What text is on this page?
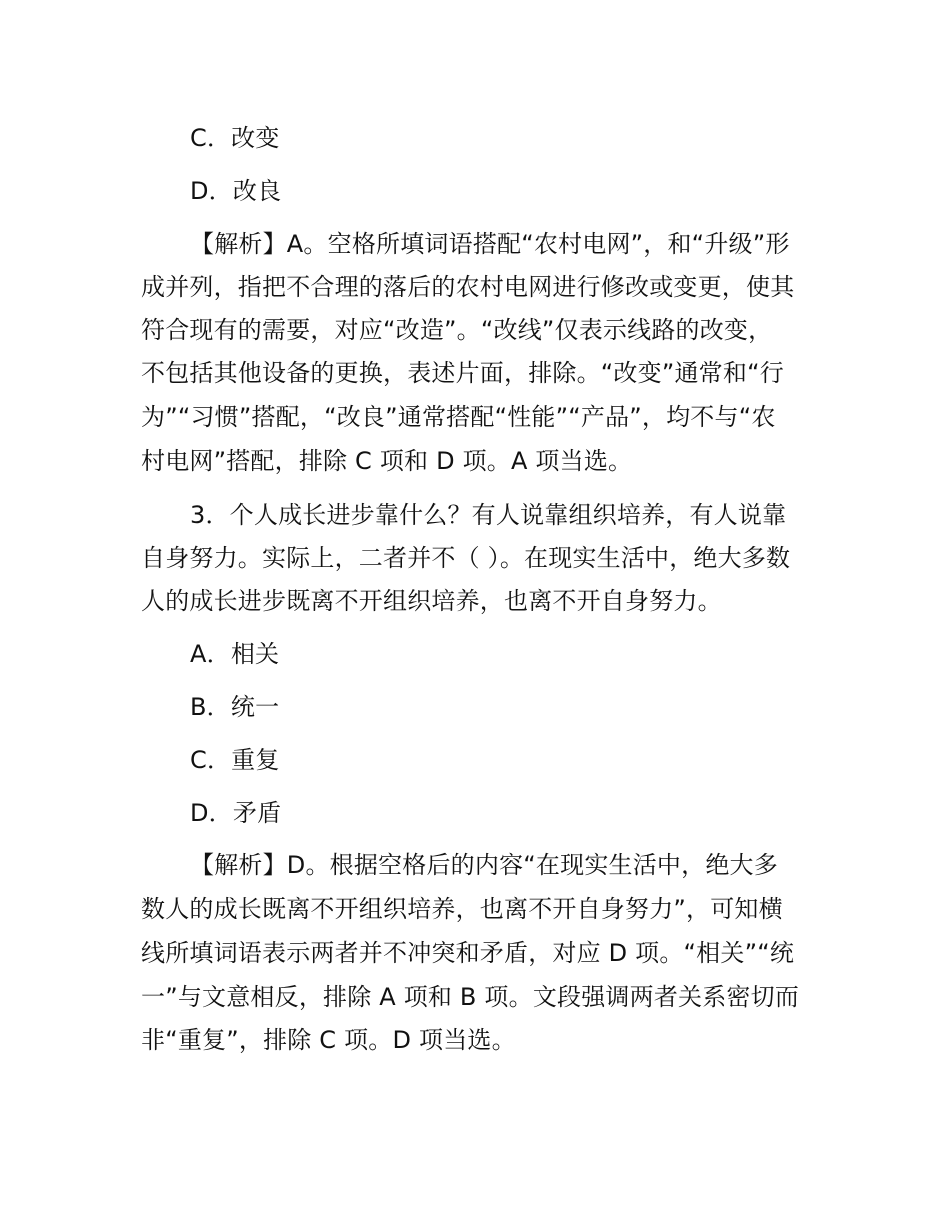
C．改变
D．改良
【解析】A。空格所填词语搭配“农村电网”，和“升级”形
成并列，指把不合理的落后的农村电网进行修改或变更，使其
符合现有的需要，对应“改造”。“改线”仅表示线路的改变，
不包括其他设备的更换，表述片面，排除。“改变”通常和“行
为”“习惯”搭配，“改良”通常搭配“性能”“产品”，均不与“农
村电网”搭配，排除 C 项和 D 项。A 项当选。
3．个人成长进步靠什么？有人说靠组织培养，有人说靠
自身努力。实际上，二者并不（ ）。在现实生活中，绝大多数
人的成长进步既离不开组织培养，也离不开自身努力。
A．相关
B．统一
C．重复
D．矛盾
【解析】D。根据空格后的内容“在现实生活中，绝大多
数人的成长既离不开组织培养，也离不开自身努力”，可知横
线所填词语表示两者并不冲突和矛盾，对应 D 项。“相关”“统
一”与文意相反，排除 A 项和 B 项。文段强调两者关系密切而
非“重复”，排除 C 项。D 项当选。
